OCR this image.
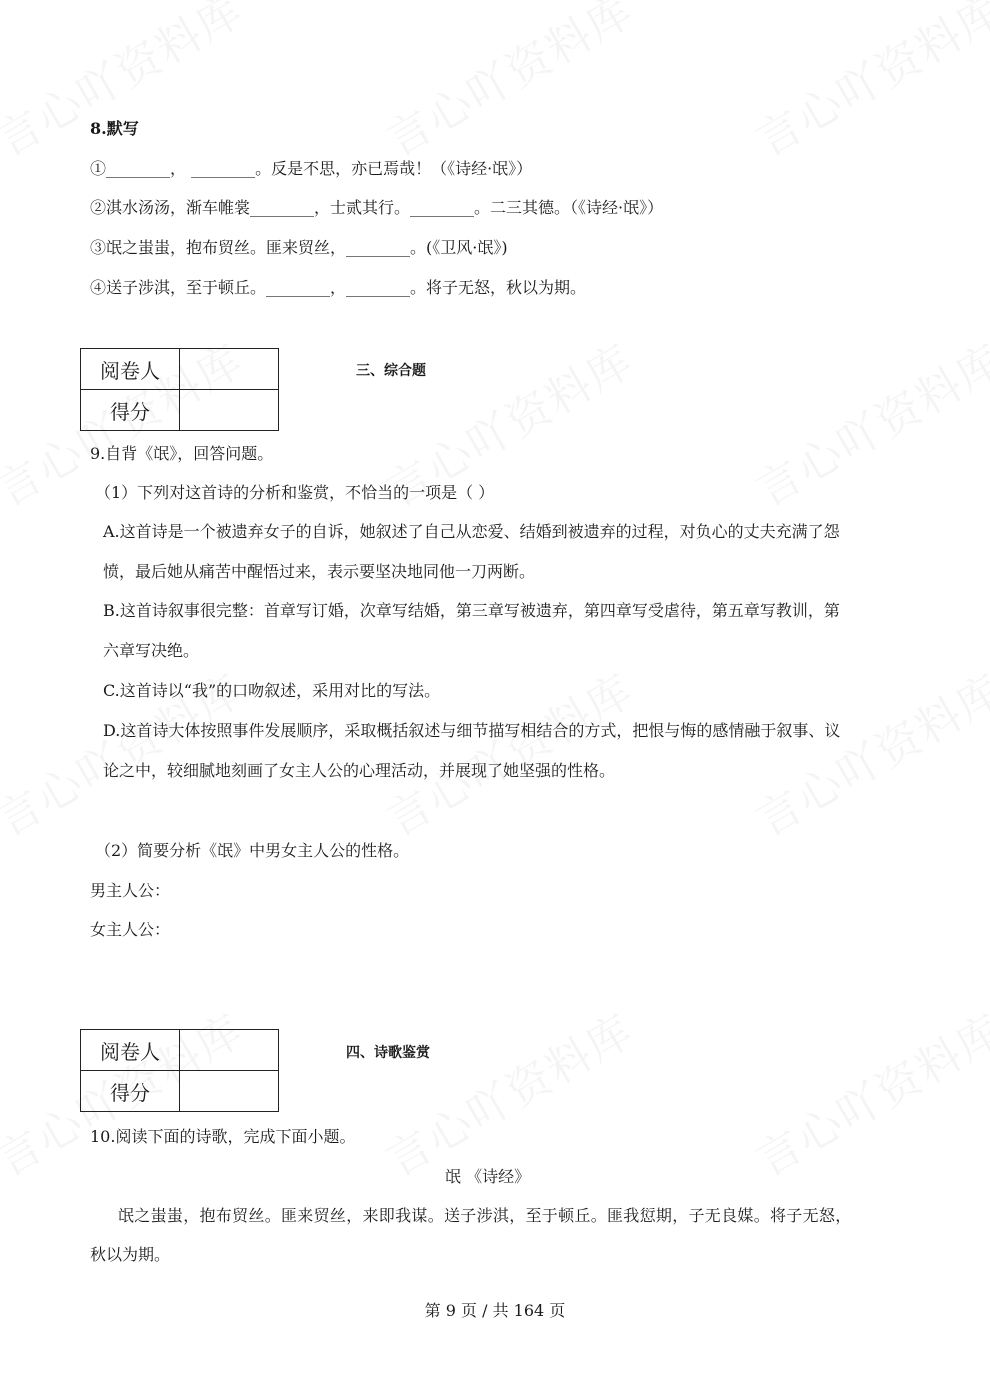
8.默写
①________， ________。反是不思，亦已焉哉！（《诗经·氓》）
②淇水汤汤，渐车帷裳________，士贰其行。________。二三其德。（《诗经·氓》）
③氓之蚩蚩，抱布贸丝。匪来贸丝，________。(《卫风·氓》)
④送子涉淇，至于顿丘。________，________。将子无怒，秋以为期。
阅卷人	
得分	
三、综合题
9.自背《氓》，回答问题。
（1）下列对这首诗的分析和鉴赏，不恰当的一项是（ ）
A.这首诗是一个被遗弃女子的自诉，她叙述了自己从恋爱、结婚到被遗弃的过程，对负心的丈夫充满了怨
愤，最后她从痛苦中醒悟过来，表示要坚决地同他一刀两断。
B.这首诗叙事很完整：首章写订婚，次章写结婚，第三章写被遗弃，第四章写受虐待，第五章写教训，第
六章写决绝。
C.这首诗以“我”的口吻叙述，采用对比的写法。
D.这首诗大体按照事件发展顺序，采取概括叙述与细节描写相结合的方式，把恨与悔的感情融于叙事、议
论之中，较细腻地刻画了女主人公的心理活动，并展现了她坚强的性格。
（2）简要分析《氓》中男女主人公的性格。
男主人公：
女主人公：
阅卷人	
得分	
四、诗歌鉴赏
10.阅读下面的诗歌，完成下面小题。
氓 《诗经》
氓之蚩蚩，抱布贸丝。匪来贸丝，来即我谋。送子涉淇，至于顿丘。匪我愆期，子无良媒。将子无怒，
秋以为期。
第 9 页 / 共 164 页
